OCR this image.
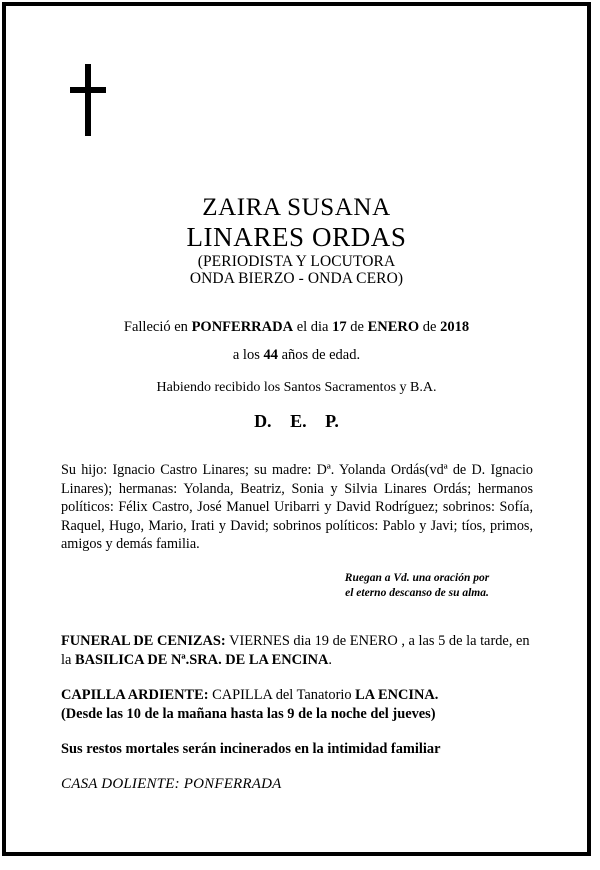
ZAIRA SUSANA
LINARES ORDAS
(PERIODISTA Y LOCUTORA
ONDA BIERZO - ONDA CERO)
Falleció en PONFERRADA el dia 17 de ENERO de 2018
a los 44 años de edad.
Habiendo recibido los Santos Sacramentos y B.A.
D. E. P.
Su hijo: Ignacio Castro Linares; su madre: Dª. Yolanda Ordás(vdª de D. Ignacio Linares); hermanas: Yolanda, Beatriz, Sonia y Silvia Linares Ordás; hermanos políticos: Félix Castro, José Manuel Uribarri y David Rodríguez; sobrinos: Sofía, Raquel, Hugo, Mario, Irati y David; sobrinos políticos: Pablo y Javi; tíos, primos, amigos y demás familia.
Ruegan a Vd. una oración por
el eterno descanso de su alma.
FUNERAL DE CENIZAS: VIERNES dia 19 de ENERO , a las 5 de la tarde, en la BASILICA DE Nª.SRA. DE LA ENCINA.
CAPILLA ARDIENTE: CAPILLA del Tanatorio LA ENCINA.
(Desde las 10 de la mañana hasta las 9 de la noche del jueves)
Sus restos mortales serán incinerados en la intimidad familiar
CASA DOLIENTE: PONFERRADA
